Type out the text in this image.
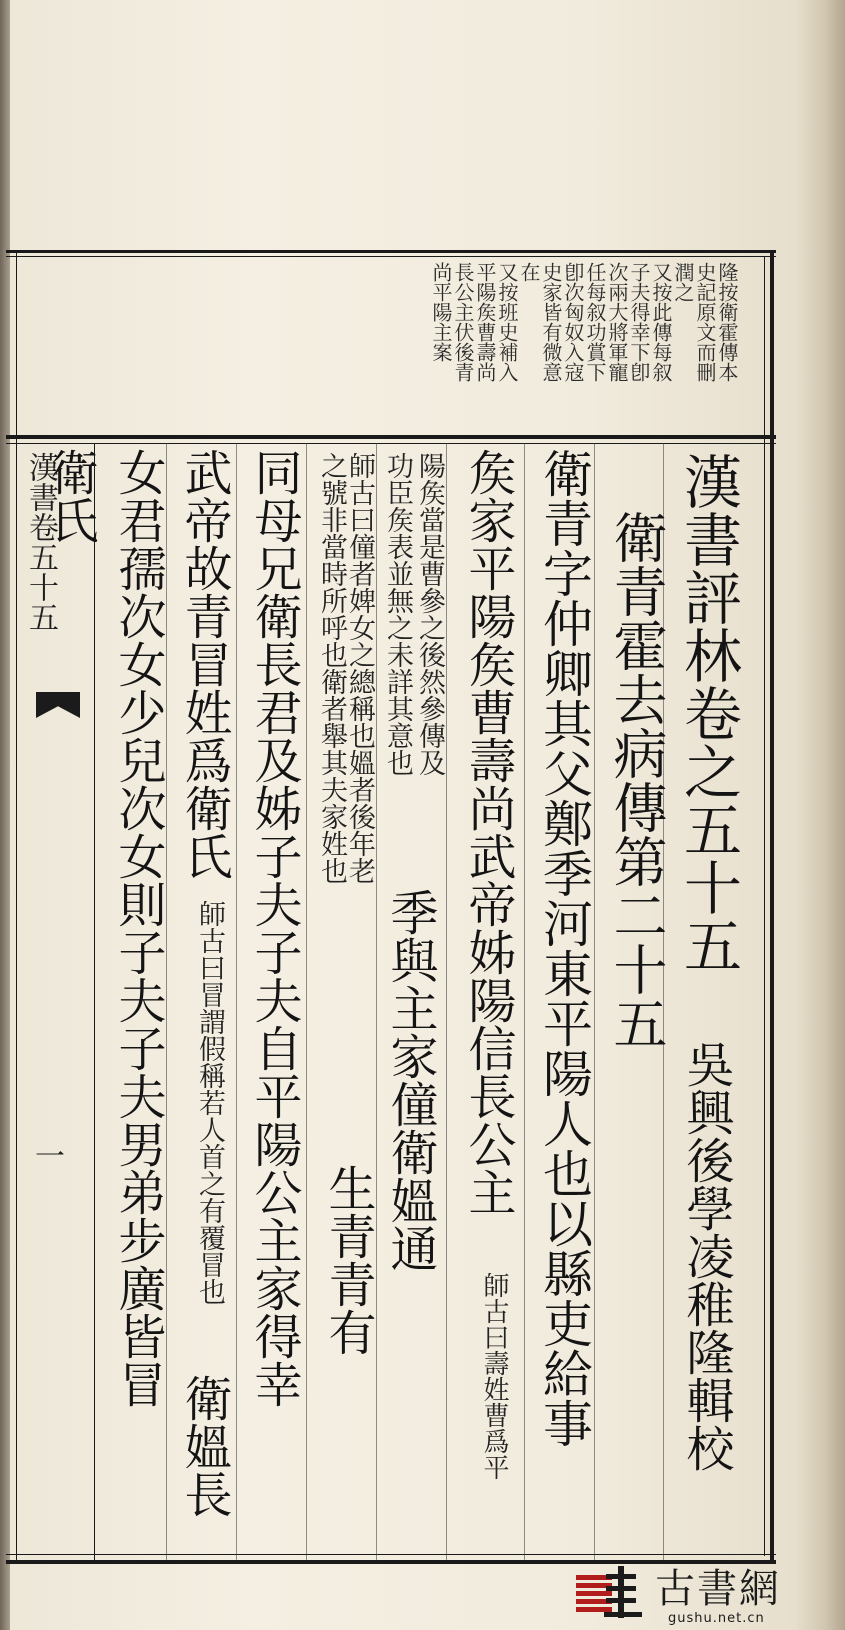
隆按衛霍傳本
史記原文而刪
潤之
又按此傳每叙
子夫得幸下卽
次兩大將軍寵
任每叙功賞下
卽次匈奴入寇
史家皆有微意
在
又按班史補入
平陽矦曹壽尚
長公主伏後青
尚平陽主案
漢書評林卷之五十五
吳興後學凌稚隆輯校
衛青霍去病傳第二十五
衛青字仲卿其父鄭季河東平陽人也以縣吏給事
矦家平陽矦曹壽尚武帝姊陽信長公主
師古曰壽姓曹爲平
陽矦當是曹參之後然參傳及
季與主家僮衛媼通
功臣矦表並無之未詳其意也
師古曰僮者婢女之總稱也媼者後年老
之號非當時所呼也衛者舉其夫家姓也
生青青有
同母兄衛長君及姊子夫子夫自平陽公主家得幸
武帝故青冒姓爲衛氏
師古曰冒謂假稱若人首之有覆冒也
衛媼長
女君孺次女少兒次女則子夫子夫男弟步廣皆冒
衛氏
漢書卷五十五
一
古書網
gushu.net.cn
